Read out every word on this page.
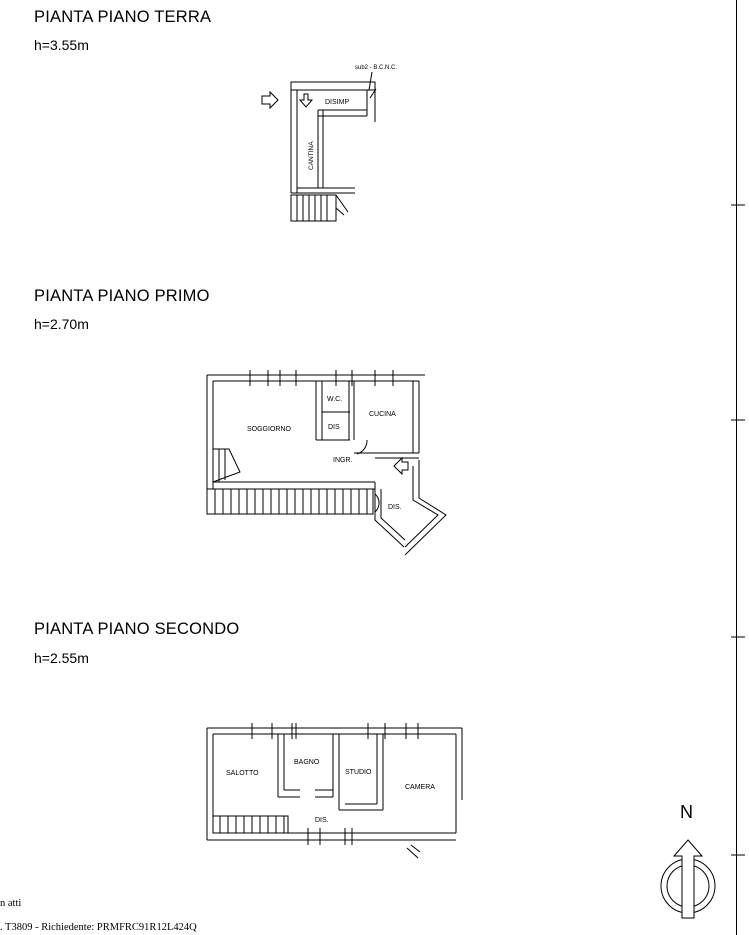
PIANTA PIANO TERRA
h=3.55m
PIANTA PIANO PRIMO
h=2.70m
PIANTA PIANO SECONDO
h=2.55m
DISIMP
CANTINA
sub2 - B.C.N.C.
SOGGIORNO
W.C.
DIS
CUCINA
INGR.
DIS.
SALOTTO
BAGNO
STUDIO
CAMERA
DIS.	N
n atti
. T3809 - Richiedente: PRMFRC91R12L424Q
